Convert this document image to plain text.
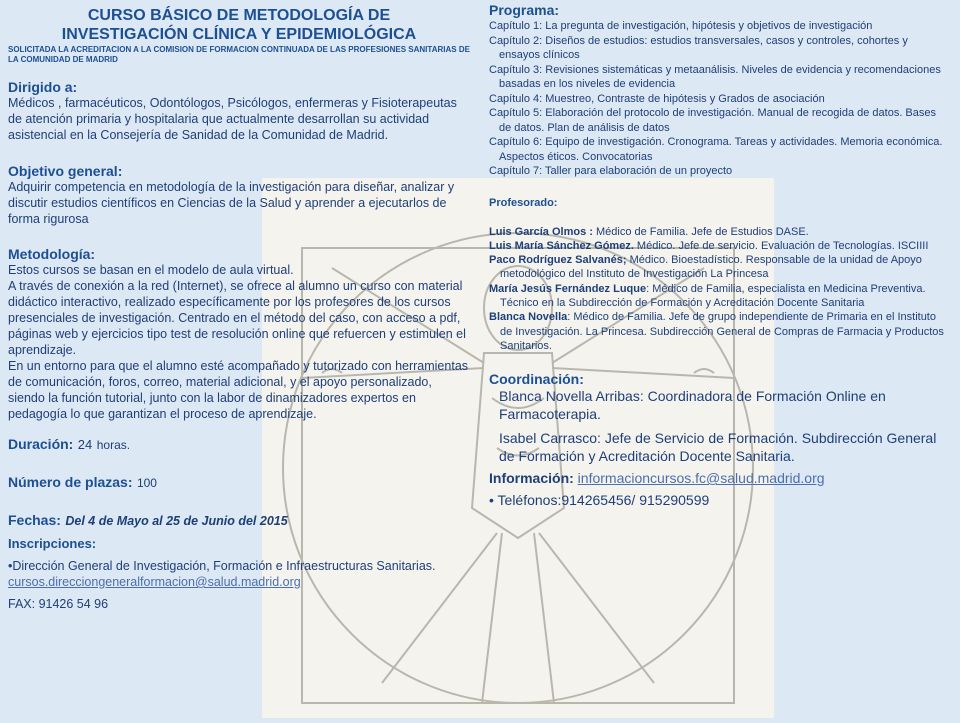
CURSO BÁSICO DE METODOLOGÍA DE
INVESTIGACIÓN CLÍNICA Y EPIDEMIOLÓGICA
SOLICITADA LA ACREDITACION A LA COMISION DE FORMACION CONTINUADA DE LAS PROFESIONES SANITARIAS DE LA COMUNIDAD DE MADRID
Dirigido a:
Médicos , farmacéuticos, Odontólogos, Psicólogos, enfermeras y Fisioterapeutas de atención primaria y hospitalaria que actualmente desarrollan su actividad asistencial en la Consejería de Sanidad de la Comunidad de Madrid.
Objetivo general:
Adquirir competencia en metodología de la investigación para diseñar, analizar y discutir estudios científicos en Ciencias de la Salud y aprender a ejecutarlos de forma rigurosa
Metodología:
Estos cursos se basan en el modelo de aula virtual.
A través de conexión a la red (Internet), se ofrece al alumno un curso con material didáctico interactivo, realizado específicamente por los profesores de los cursos presenciales de investigación. Centrado en el método del caso, con acceso a pdf, páginas web y ejercicios tipo test de resolución online que refuercen y estimulen el aprendizaje.
En un entorno para que el alumno esté acompañado y tutorizado con herramientas de comunicación, foros, correo, material adicional, y el apoyo personalizado, siendo la función tutorial, junto con la labor de dinamizadores expertos en pedagogía lo que garantizan el proceso de aprendizaje.
Duración: 24 horas.
Número de plazas: 100
Fechas: Del 4 de Mayo al 25 de Junio del 2015
Inscripciones:
•Dirección General de Investigación, Formación e Infraestructuras Sanitarias. cursos.direcciongeneralformacion@salud.madrid.org
FAX: 91426 54 96
Programa:
Capítulo 1: La pregunta de investigación, hipótesis y objetivos de investigación
Capítulo 2: Diseños de estudios: estudios transversales, casos y controles, cohortes y ensayos clínicos
Capítulo 3: Revisiones sistemáticas y metaanálisis. Niveles de evidencia y recomendaciones basadas en los niveles de evidencia
Capítulo 4: Muestreo, Contraste de hipótesis y Grados de asociación
Capítulo 5: Elaboración del protocolo de investigación. Manual de recogida de datos. Bases de datos. Plan de análisis de datos
Capítulo 6: Equipo de investigación. Cronograma. Tareas y actividades. Memoria económica. Aspectos éticos. Convocatorias
Capítulo 7: Taller para elaboración de un proyecto
Profesorado:
Luis García Olmos : Médico de Familia. Jefe de Estudios DASE.
Luis María Sánchez Gómez. Médico. Jefe de servicio. Evaluación de Tecnologías. ISCIIII
Paco Rodríguez Salvanés; Médico. Bioestadístico. Responsable de la unidad de Apoyo metodológico del Instituto de Investigación La Princesa
María Jesús Fernández Luque: Médico de Familia, especialista en Medicina Preventiva. Técnico en la Subdirección de Formación y Acreditación Docente Sanitaria
Blanca Novella: Médico de Familia. Jefe de grupo independiente de Primaria en el Instituto de Investigación. La Princesa. Subdirección General de Compras de Farmacia y Productos Sanitarios.
Coordinación:
Blanca Novella Arribas: Coordinadora de Formación Online en Farmacoterapia.
Isabel Carrasco: Jefe de Servicio de Formación. Subdirección General de Formación y Acreditación Docente Sanitaria.
Información: informacioncursos.fc@salud.madrid.org
• Teléfonos:914265456/ 915290599
